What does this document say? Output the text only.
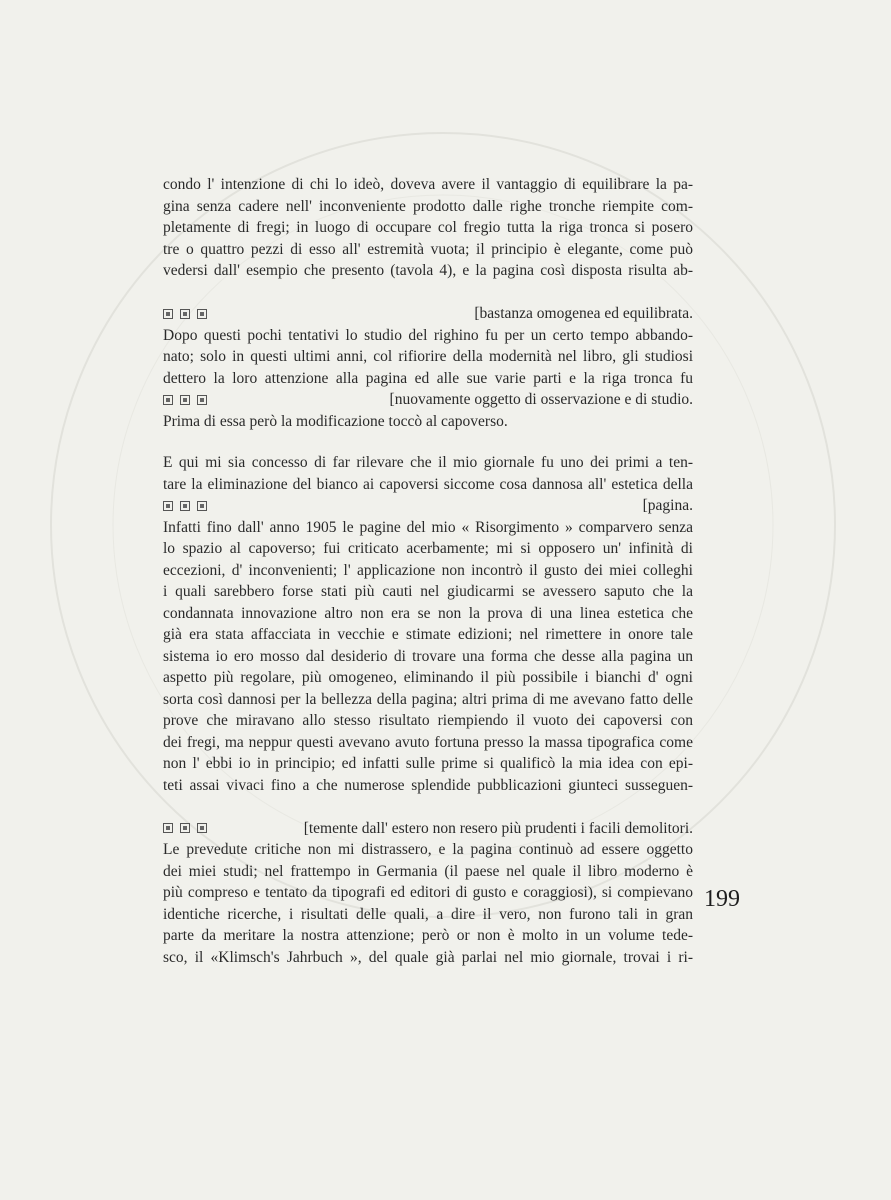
condo l' intenzione di chi lo ideò, doveva avere il vantaggio di equilibrare la pa-
gina senza cadere nell' inconveniente prodotto dalle righe tronche riempite com-
pletamente di fregi; in luogo di occupare col fregio tutta la riga tronca si posero
tre o quattro pezzi di esso all' estremità vuota; il principio è elegante, come può
vedersi dall' esempio che presento (tavola 4), e la pagina così disposta risulta ab-
[bastanza omogenea ed equilibrata.
Dopo questi pochi tentativi lo studio del righino fu per un certo tempo abbando-
nato; solo in questi ultimi anni, col rifiorire della modernità nel libro, gli studiosi
dettero la loro attenzione alla pagina ed alle sue varie parti e la riga tronca fu
[nuovamente oggetto di osservazione e di studio.
Prima di essa però la modificazione toccò al capoverso.
E qui mi sia concesso di far rilevare che il mio giornale fu uno dei primi a ten-
tare la eliminazione del bianco ai capoversi siccome cosa dannosa all' estetica della
[pagina.
Infatti fino dall' anno 1905 le pagine del mio « Risorgimento » comparvero senza
lo spazio al capoverso; fui criticato acerbamente; mi si opposero un' infinità di
eccezioni, d' inconvenienti; l' applicazione non incontrò il gusto dei miei colleghi
i quali sarebbero forse stati più cauti nel giudicarmi se avessero saputo che la
condannata innovazione altro non era se non la prova di una linea estetica che
già era stata affacciata in vecchie e stimate edizioni; nel rimettere in onore tale
sistema io ero mosso dal desiderio di trovare una forma che desse alla pagina un
aspetto più regolare, più omogeneo, eliminando il più possibile i bianchi d' ogni
sorta così dannosi per la bellezza della pagina; altri prima di me avevano fatto delle
prove che miravano allo stesso risultato riempiendo il vuoto dei capoversi con
dei fregi, ma neppur questi avevano avuto fortuna presso la massa tipografica come
non l' ebbi io in principio; ed infatti sulle prime si qualificò la mia idea con epi-
teti assai vivaci fino a che numerose splendide pubblicazioni giunteci susseguen-
[temente dall' estero non resero più prudenti i facili demolitori.
Le prevedute critiche non mi distrassero, e la pagina continuò ad essere oggetto
dei miei studi; nel frattempo in Germania (il paese nel quale il libro moderno è
più compreso e tentato da tipografi ed editori di gusto e coraggiosi), si compievano
identiche ricerche, i risultati delle quali, a dire il vero, non furono tali in gran
parte da meritare la nostra attenzione; però or non è molto in un volume tede-
sco, il «Klimsch's Jahrbuch », del quale già parlai nel mio giornale, trovai i ri-
199
